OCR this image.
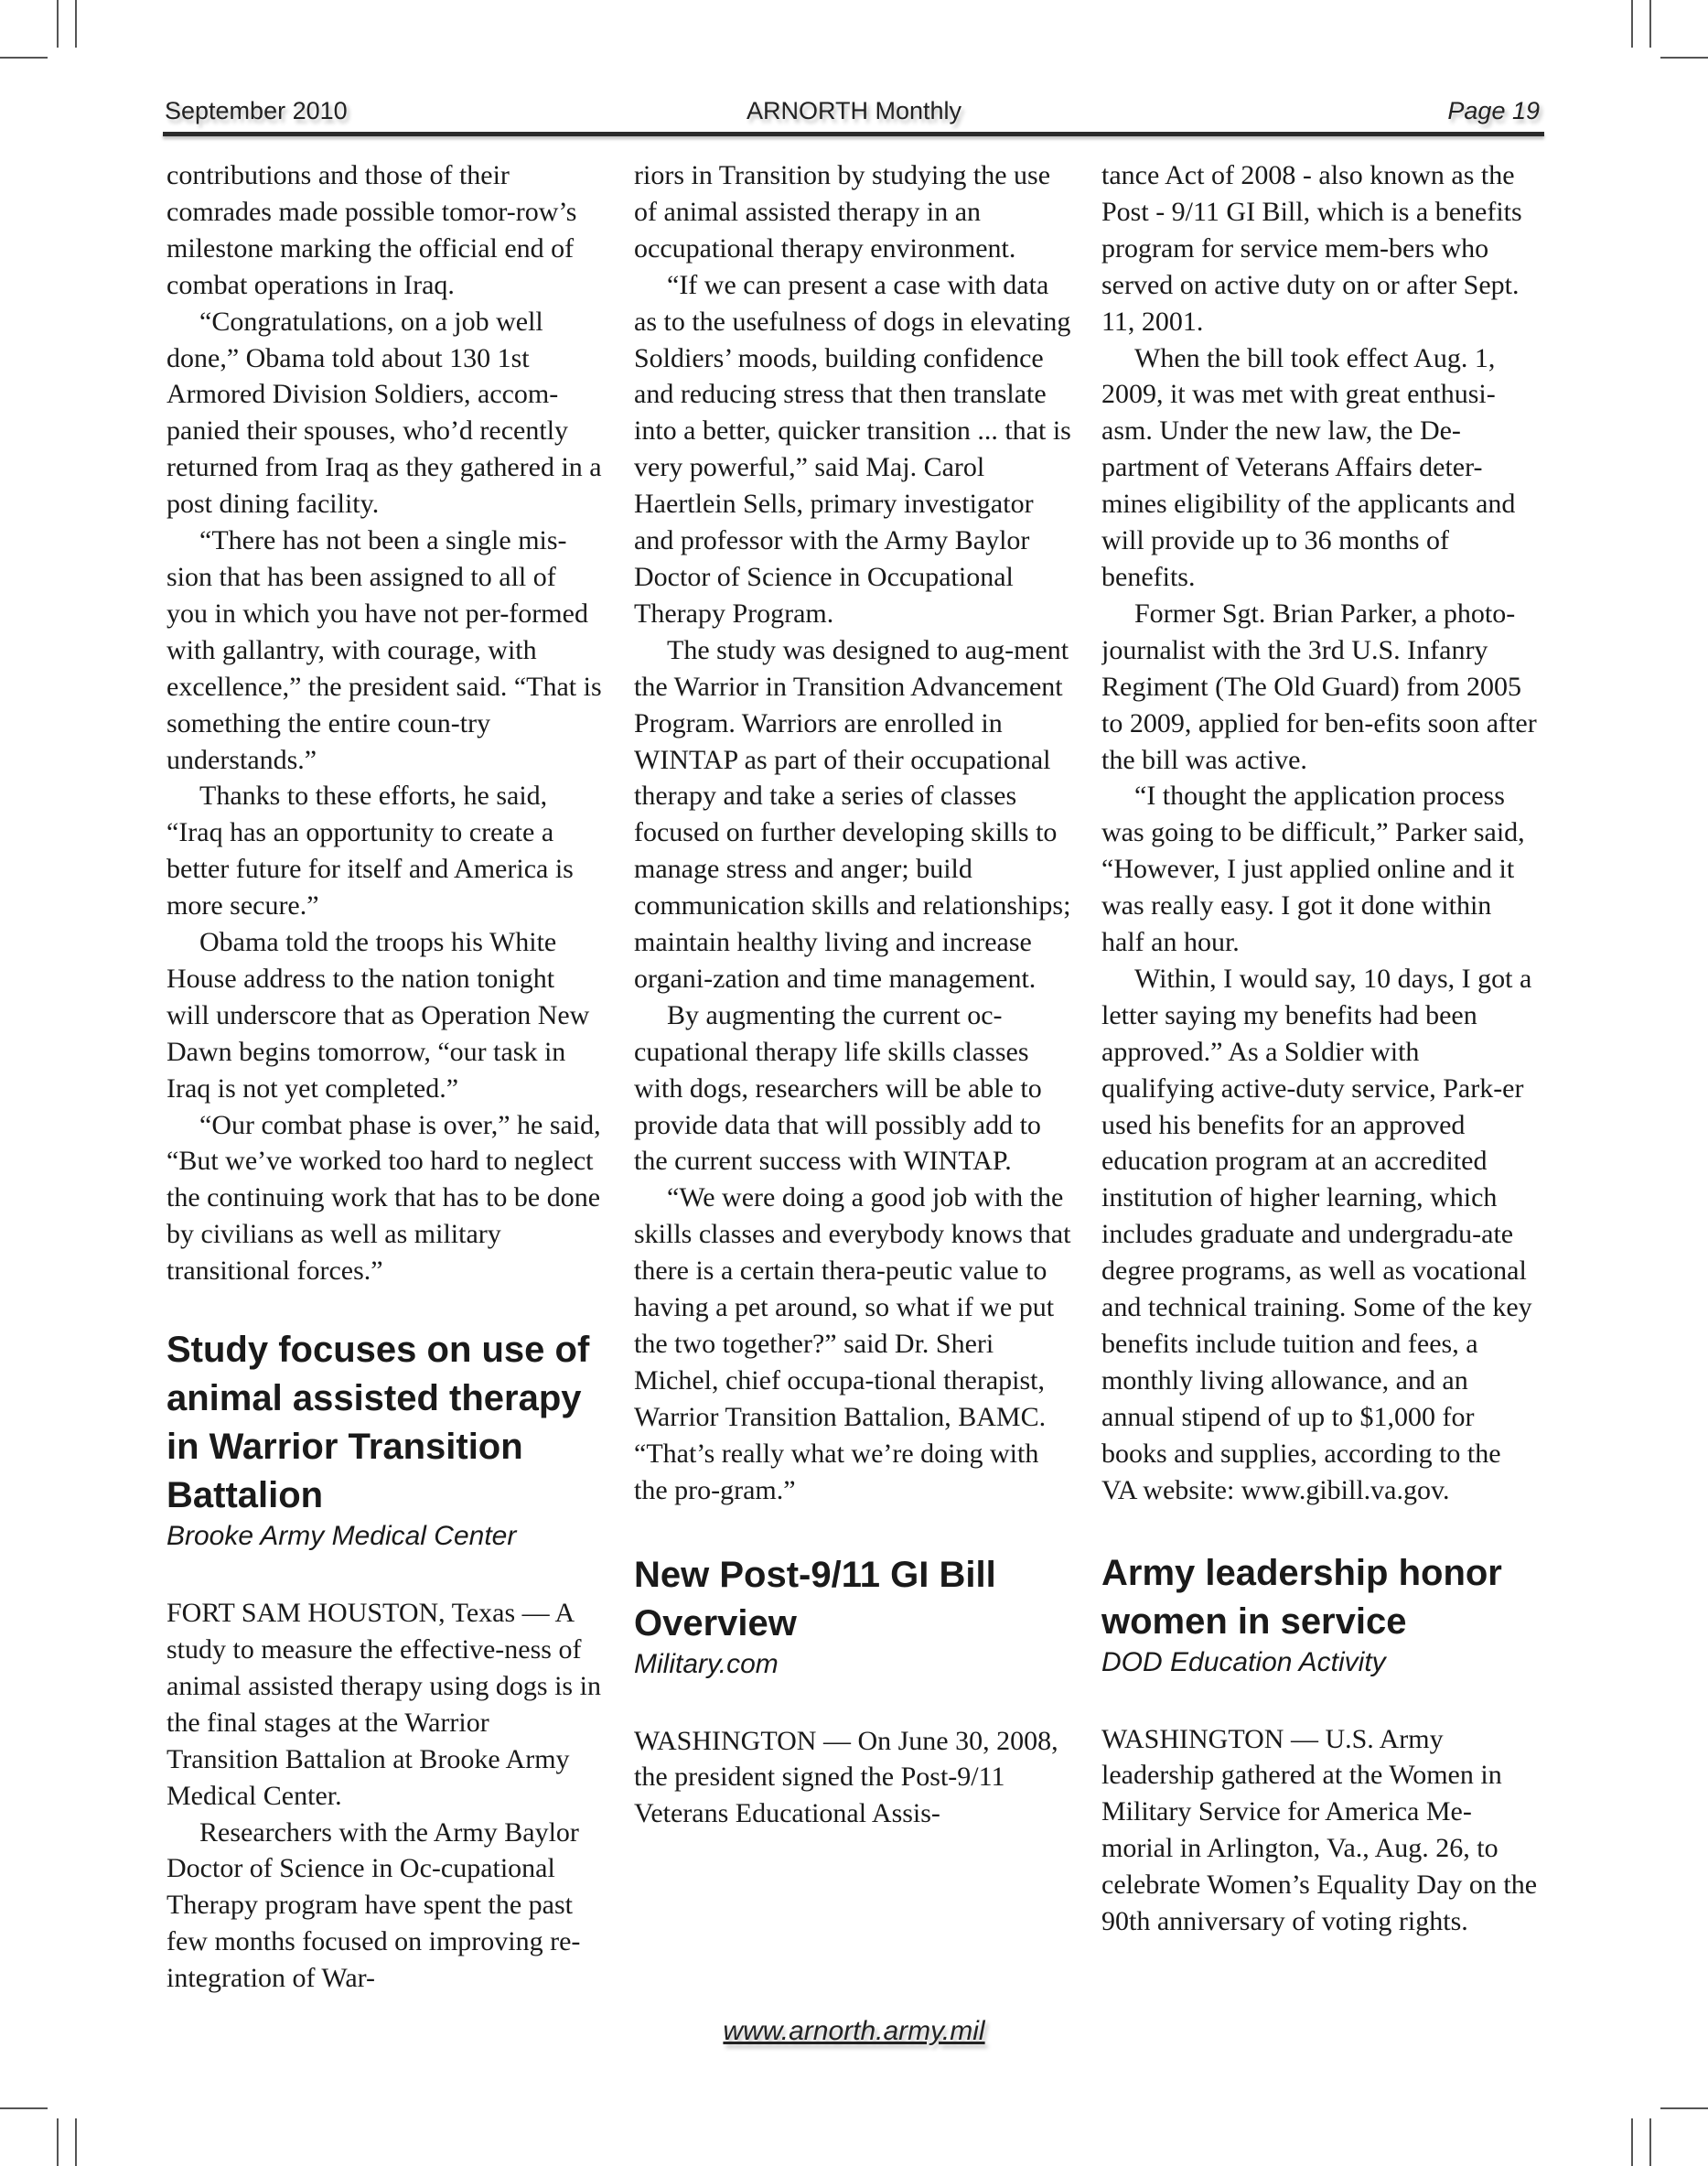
September 2010	ARNORTH Monthly	Page 19

contributions and those of their comrades made possible tomor-row’s milestone marking the official end of combat operations in Iraq.

“Congratulations, on a job well done,” Obama told about 130 1st Armored Division Soldiers, accom-panied their spouses, who’d recently returned from Iraq as they gathered in a post dining facility.

“There has not been a single mis-sion that has been assigned to all of you in which you have not per-formed with gallantry, with courage, with excellence,” the president said. “That is something the entire coun-try understands.”

Thanks to these efforts, he said, “Iraq has an opportunity to create a better future for itself and America is more secure.”

Obama told the troops his White House address to the nation tonight will underscore that as Operation New Dawn begins tomorrow, “our task in Iraq is not yet completed.”

“Our combat phase is over,” he said, “But we’ve worked too hard to neglect the continuing work that has to be done by civilians as well as military transitional forces.”

Study focuses on use of animal assisted therapy in Warrior Transition Battalion
Brooke Army Medical Center

FORT SAM HOUSTON, Texas — A study to measure the effective-ness of animal assisted therapy using dogs is in the final stages at the Warrior Transition Battalion at Brooke Army Medical Center.

Researchers with the Army Baylor Doctor of Science in Oc-cupational Therapy program have spent the past few months focused on improving re-integration of War-

riors in Transition by studying the use of animal assisted therapy in an occupational therapy environment.

“If we can present a case with data as to the usefulness of dogs in elevating Soldiers’ moods, building confidence and reducing stress that then translate into a better, quicker transition ... that is very powerful,” said Maj. Carol Haertlein Sells, primary investigator and professor with the Army Baylor Doctor of Science in Occupational Therapy Program.

The study was designed to aug-ment the Warrior in Transition Advancement Program. Warriors are enrolled in WINTAP as part of their occupational therapy and take a series of classes focused on further developing skills to manage stress and anger; build communication skills and relationships; maintain healthy living and increase organi-zation and time management.

By augmenting the current oc-cupational therapy life skills classes with dogs, researchers will be able to provide data that will possibly add to the current success with WINTAP.

“We were doing a good job with the skills classes and everybody knows that there is a certain thera-peutic value to having a pet around, so what if we put the two together?” said Dr. Sheri Michel, chief occupa-tional therapist, Warrior Transition Battalion, BAMC. “That’s really what we’re doing with the pro-gram.”

New Post-9/11 GI Bill Overview
Military.com

WASHINGTON — On June 30, 2008, the president signed the Post-9/11 Veterans Educational Assis-

tance Act of 2008 - also known as the Post - 9/11 GI Bill, which is a benefits program for service mem-bers who served on active duty on or after Sept. 11, 2001.

When the bill took effect Aug. 1, 2009, it was met with great enthusi-asm. Under the new law, the De-partment of Veterans Affairs deter-mines eligibility of the applicants and will provide up to 36 months of benefits.

Former Sgt. Brian Parker, a photo-journalist with the 3rd U.S. Infanry Regiment (The Old Guard) from 2005 to 2009, applied for ben-efits soon after the bill was active.

“I thought the application process was going to be difficult,” Parker said, “However, I just applied online and it was really easy. I got it done within half an hour.

Within, I would say, 10 days, I got a letter saying my benefits had been approved.” As a Soldier with qualifying active-duty service, Park-er used his benefits for an approved education program at an accredited institution of higher learning, which includes graduate and undergradu-ate degree programs, as well as vocational and technical training. Some of the key benefits include tuition and fees, a monthly living allowance, and an annual stipend of up to $1,000 for books and supplies, according to the VA website: www.gibill.va.gov.

Army leadership honor women in service
DOD Education Activity

WASHINGTON — U.S. Army leadership gathered at the Women in Military Service for America Me-morial in Arlington, Va., Aug. 26, to celebrate Women’s Equality Day on the 90th anniversary of voting rights.

www.arnorth.army.mil
